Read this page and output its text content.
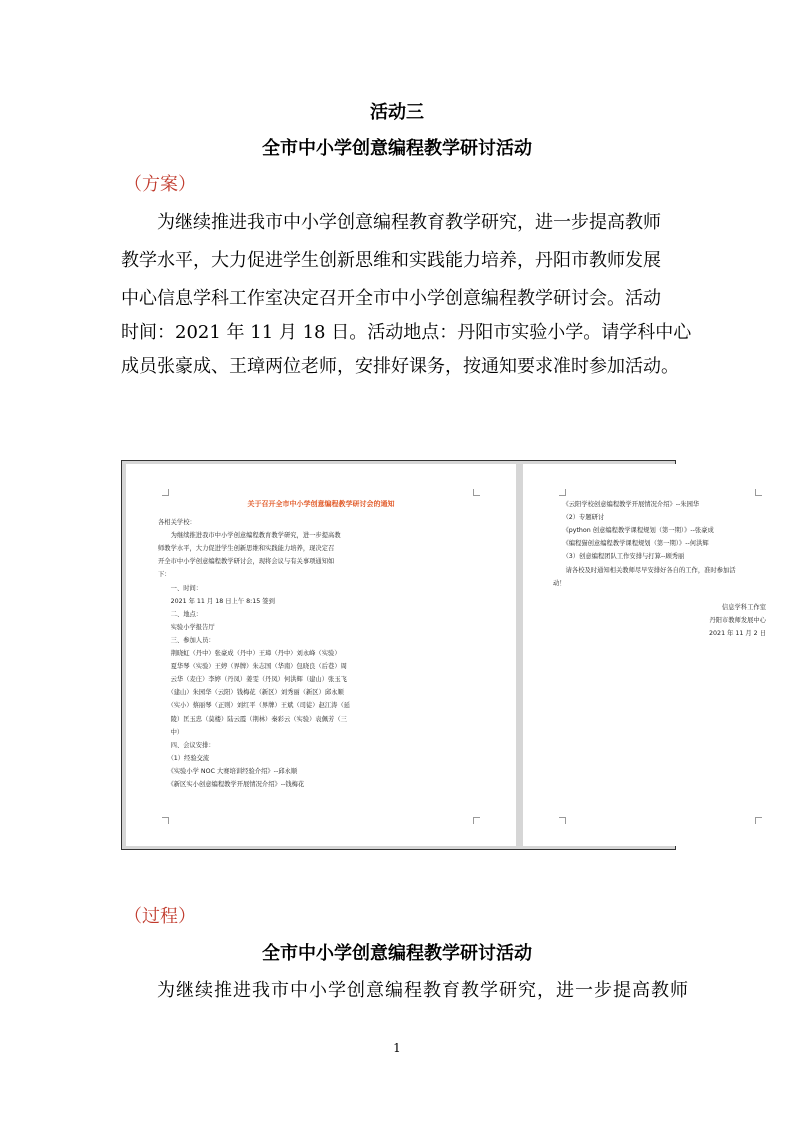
活动三
全市中小学创意编程教学研讨活动
（方案）
为继续推进我市中小学创意编程教育教学研究，进一步提高教师
教学水平，大力促进学生创新思维和实践能力培养，丹阳市教师发展
中心信息学科工作室决定召开全市中小学创意编程教学研讨会。活动
时间：2021 年 11 月 18 日。活动地点：丹阳市实验小学。请学科中心
成员张豪成、王璋两位老师，安排好课务，按通知要求准时参加活动。
关于召开全市中小学创意编程教学研讨会的通知
各相关学校：
　　为继续推进我市中小学创意编程教育教学研究，进一步提高教
师教学水平，大力促进学生创新思维和实践能力培养，现决定召
开全市中小学创意编程教学研讨会，现将会议与有关事项通知如
下：
　　一、时间：
　　2021 年 11 月 18 日上午 8:15 签到
　　二、地点：
　　实验小学报告厅
　　三、参加人员：
　　荆晓虹（丹中）张豪成（丹中）王璋（丹中）刘永峰（实验）
　　夏华琴（实验）王婷（界牌）朱志国（华南）包晓良（后巷）周
　　云华（麦庄）李婷（丹凤）姜雯（丹凤）何洪辉（建山）张玉飞
　　（建山）朱园华（云阳）钱梅花（新区）刘秀丽（新区）邱永顺
　　（实小）蔡丽琴（正则）刘红平（界牌）王斌（司徒）赵江涛（延
　　陵）匡玉忠（莫楼）陆云霞（荆林）秦彩云（实验）袁佩芳（三
　　中）
　　四、会议安排：
　　（1）经验交流
　　《实验小学 NOC 大赛培训经验介绍》--邱永顺
　　《新区实小创意编程教学开展情况介绍》--钱梅花
　　《云阳学校创意编程教学开展情况介绍》--朱园华
　　（2）专题研讨
　　《python 创意编程教学课程规划（第一期）》--张豪成
　　《编程猫创意编程教学课程规划（第一期）》--何洪辉
　　（3）创意编程团队工作安排与打算--顾秀丽
　　请各校及时通知相关教师尽早安排好各自的工作，准时参加活
动！
信息学科工作室
丹阳市教师发展中心
2021 年 11 月 2 日
（过程）
全市中小学创意编程教学研讨活动
为继续推进我市中小学创意编程教育教学研究，进一步提高教师
1
